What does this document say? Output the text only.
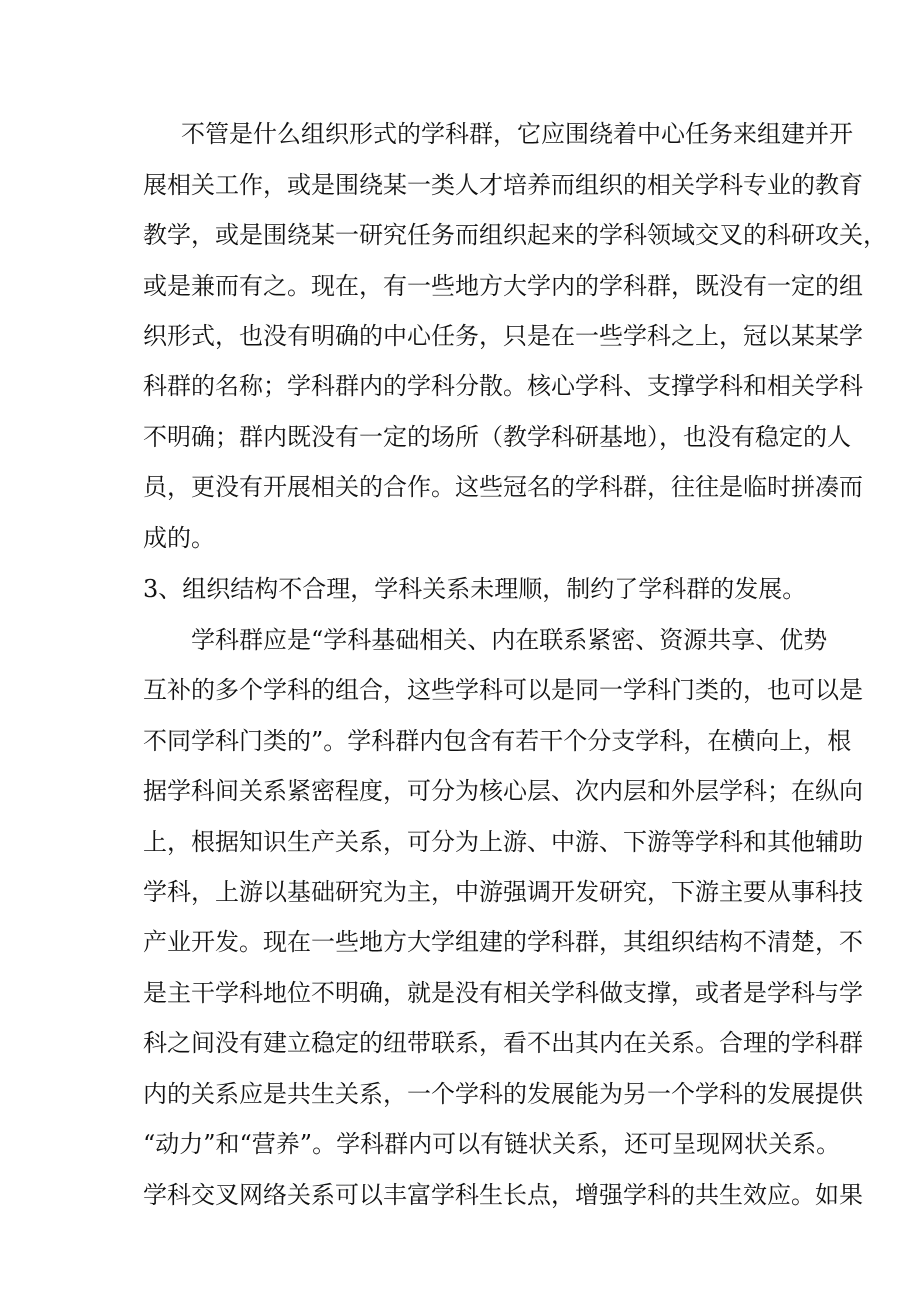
不管是什么组织形式的学科群，它应围绕着中心任务来组建并开
展相关工作，或是围绕某一类人才培养而组织的相关学科专业的教育
教学，或是围绕某一研究任务而组织起来的学科领域交叉的科研攻关，
或是兼而有之。现在，有一些地方大学内的学科群，既没有一定的组
织形式，也没有明确的中心任务，只是在一些学科之上，冠以某某学
科群的名称；学科群内的学科分散。核心学科、支撑学科和相关学科
不明确；群内既没有一定的场所（教学科研基地），也没有稳定的人
员，更没有开展相关的合作。这些冠名的学科群，往往是临时拼凑而
成的。
3、组织结构不合理，学科关系未理顺，制约了学科群的发展。
学科群应是“学科基础相关、内在联系紧密、资源共享、优势
互补的多个学科的组合，这些学科可以是同一学科门类的，也可以是
不同学科门类的”。学科群内包含有若干个分支学科，在横向上，根
据学科间关系紧密程度，可分为核心层、次内层和外层学科；在纵向
上，根据知识生产关系，可分为上游、中游、下游等学科和其他辅助
学科，上游以基础研究为主，中游强调开发研究，下游主要从事科技
产业开发。现在一些地方大学组建的学科群，其组织结构不清楚，不
是主干学科地位不明确，就是没有相关学科做支撑，或者是学科与学
科之间没有建立稳定的纽带联系，看不出其内在关系。合理的学科群
内的关系应是共生关系，一个学科的发展能为另一个学科的发展提供
“动力”和“营养”。学科群内可以有链状关系，还可呈现网状关系。
学科交叉网络关系可以丰富学科生长点，增强学科的共生效应。如果
